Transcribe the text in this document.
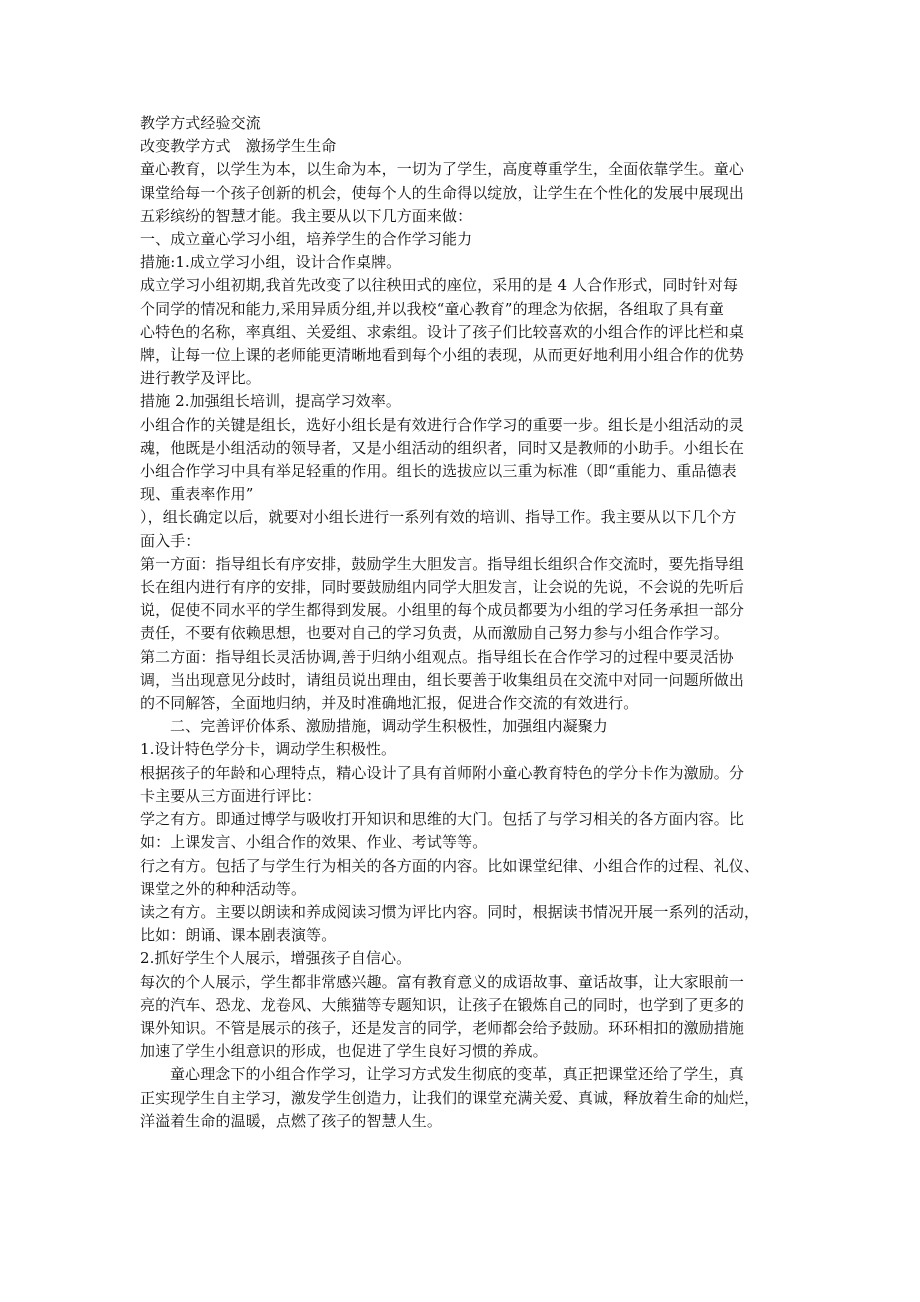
教学方式经验交流
改变教学方式　激扬学生生命
童心教育，以学生为本，以生命为本，一切为了学生，高度尊重学生，全面依靠学生。童心
课堂给每一个孩子创新的机会，使每个人的生命得以绽放，让学生在个性化的发展中展现出
五彩缤纷的智慧才能。我主要从以下几方面来做：
一、成立童心学习小组，培养学生的合作学习能力
措施:1.成立学习小组，设计合作桌牌。
成立学习小组初期,我首先改变了以往秧田式的座位，采用的是 4 人合作形式，同时针对每
个同学的情况和能力,采用异质分组,并以我校“童心教育”的理念为依据，各组取了具有童
心特色的名称，率真组、关爱组、求索组。设计了孩子们比较喜欢的小组合作的评比栏和桌
牌，让每一位上课的老师能更清晰地看到每个小组的表现，从而更好地利用小组合作的优势
进行教学及评比。
措施 2.加强组长培训，提高学习效率。
小组合作的关键是组长，选好小组长是有效进行合作学习的重要一步。组长是小组活动的灵
魂，他既是小组活动的领导者，又是小组活动的组织者，同时又是教师的小助手。小组长在
小组合作学习中具有举足轻重的作用。组长的选拔应以三重为标准（即“重能力、重品德表
现、重表率作用”
），组长确定以后，就要对小组长进行一系列有效的培训、指导工作。我主要从以下几个方
面入手：
第一方面：指导组长有序安排，鼓励学生大胆发言。指导组长组织合作交流时，要先指导组
长在组内进行有序的安排，同时要鼓励组内同学大胆发言，让会说的先说，不会说的先听后
说，促使不同水平的学生都得到发展。小组里的每个成员都要为小组的学习任务承担一部分
责任，不要有依赖思想，也要对自己的学习负责，从而激励自己努力参与小组合作学习。
第二方面：指导组长灵活协调,善于归纳小组观点。指导组长在合作学习的过程中要灵活协
调，当出现意见分歧时，请组员说出理由，组长要善于收集组员在交流中对同一问题所做出
的不同解答，全面地归纳，并及时准确地汇报，促进合作交流的有效进行。
二、完善评价体系、激励措施，调动学生积极性，加强组内凝聚力
1.设计特色学分卡，调动学生积极性。
根据孩子的年龄和心理特点，精心设计了具有首师附小童心教育特色的学分卡作为激励。分
卡主要从三方面进行评比：
学之有方。即通过博学与吸收打开知识和思维的大门。包括了与学习相关的各方面内容。比
如：上课发言、小组合作的效果、作业、考试等等。
行之有方。包括了与学生行为相关的各方面的内容。比如课堂纪律、小组合作的过程、礼仪、
课堂之外的种种活动等。
读之有方。主要以朗读和养成阅读习惯为评比内容。同时，根据读书情况开展一系列的活动，
比如：朗诵、课本剧表演等。
2.抓好学生个人展示，增强孩子自信心。
每次的个人展示，学生都非常感兴趣。富有教育意义的成语故事、童话故事，让大家眼前一
亮的汽车、恐龙、龙卷风、大熊猫等专题知识，让孩子在锻炼自己的同时，也学到了更多的
课外知识。不管是展示的孩子，还是发言的同学，老师都会给予鼓励。环环相扣的激励措施
加速了学生小组意识的形成，也促进了学生良好习惯的养成。
童心理念下的小组合作学习，让学习方式发生彻底的变革，真正把课堂还给了学生，真
正实现学生自主学习，激发学生创造力，让我们的课堂充满关爱、真诚，释放着生命的灿烂，
洋溢着生命的温暖，点燃了孩子的智慧人生。
